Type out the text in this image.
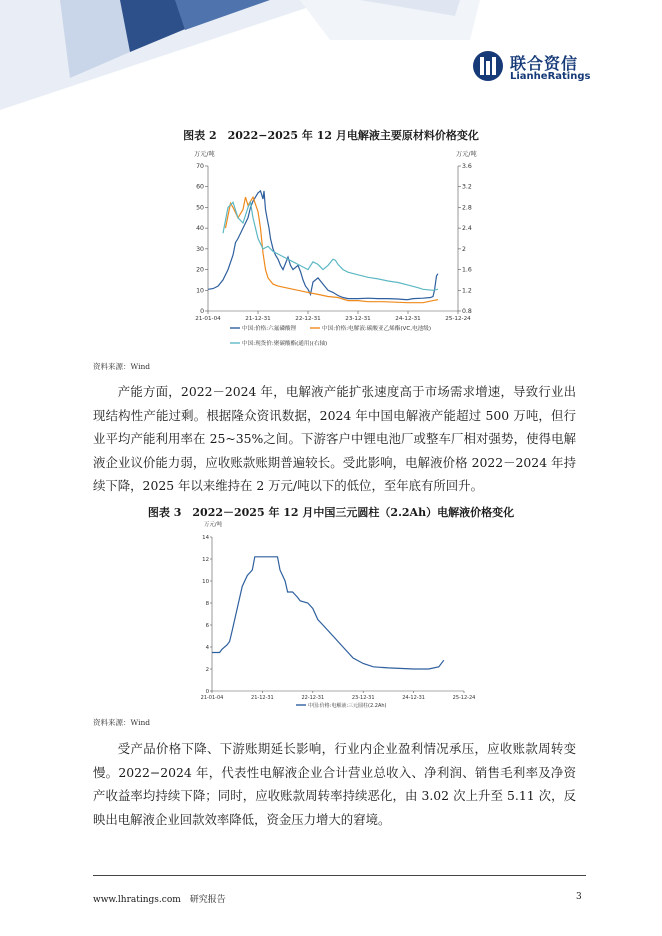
联合资信
LianheRatings
图表 2　2022−2025 年 12 月电解液主要原材料价格变化
万元/吨	万元/吨
0
10
20
30
40
50
60
70
0.8
1.2
1.6
2
2.4
2.8
3.2
3.6
21-01-04	21-12-31	22-12-31	23-12-31	24-12-31	25-12-24
中国:价格:六氟磷酸锂	中国:价格:电解液:碳酸亚乙烯酯(VC,电池级)
中国:现货价:聚碳酸酯(通用)(右轴)
资料来源：Wind

产能方面，2022－2024 年，电解液产能扩张速度高于市场需求增速，导致行业出现结构性产能过剩。根据隆众资讯数据，2024 年中国电解液产能超过 500 万吨，但行业平均产能利用率在 25~35%之间。下游客户中锂电池厂或整车厂相对强势，使得电解液企业议价能力弱，应收账款账期普遍较长。受此影响，电解液价格 2022－2024 年持续下降，2025 年以来维持在 2 万元/吨以下的低位，至年底有所回升。

图表 3　2022－2025 年 12 月中国三元圆柱（2.2Ah）电解液价格变化
万元/吨
0
2
4
6
8
10
12
14
21-01-04	21-12-31	22-12-31	23-12-31	24-12-31	25-12-24
中国:价格:电解液:三元圆柱(2.2Ah)
资料来源：Wind

受产品价格下降、下游账期延长影响，行业内企业盈利情况承压，应收账款周转变慢。2022−2024 年，代表性电解液企业合计营业总收入、净利润、销售毛利率及净资产收益率均持续下降；同时，应收账款周转率持续恶化，由 3.02 次上升至 5.11 次，反映出电解液企业回款效率降低，资金压力增大的窘境。

www.lhratings.com　研究报告	3
